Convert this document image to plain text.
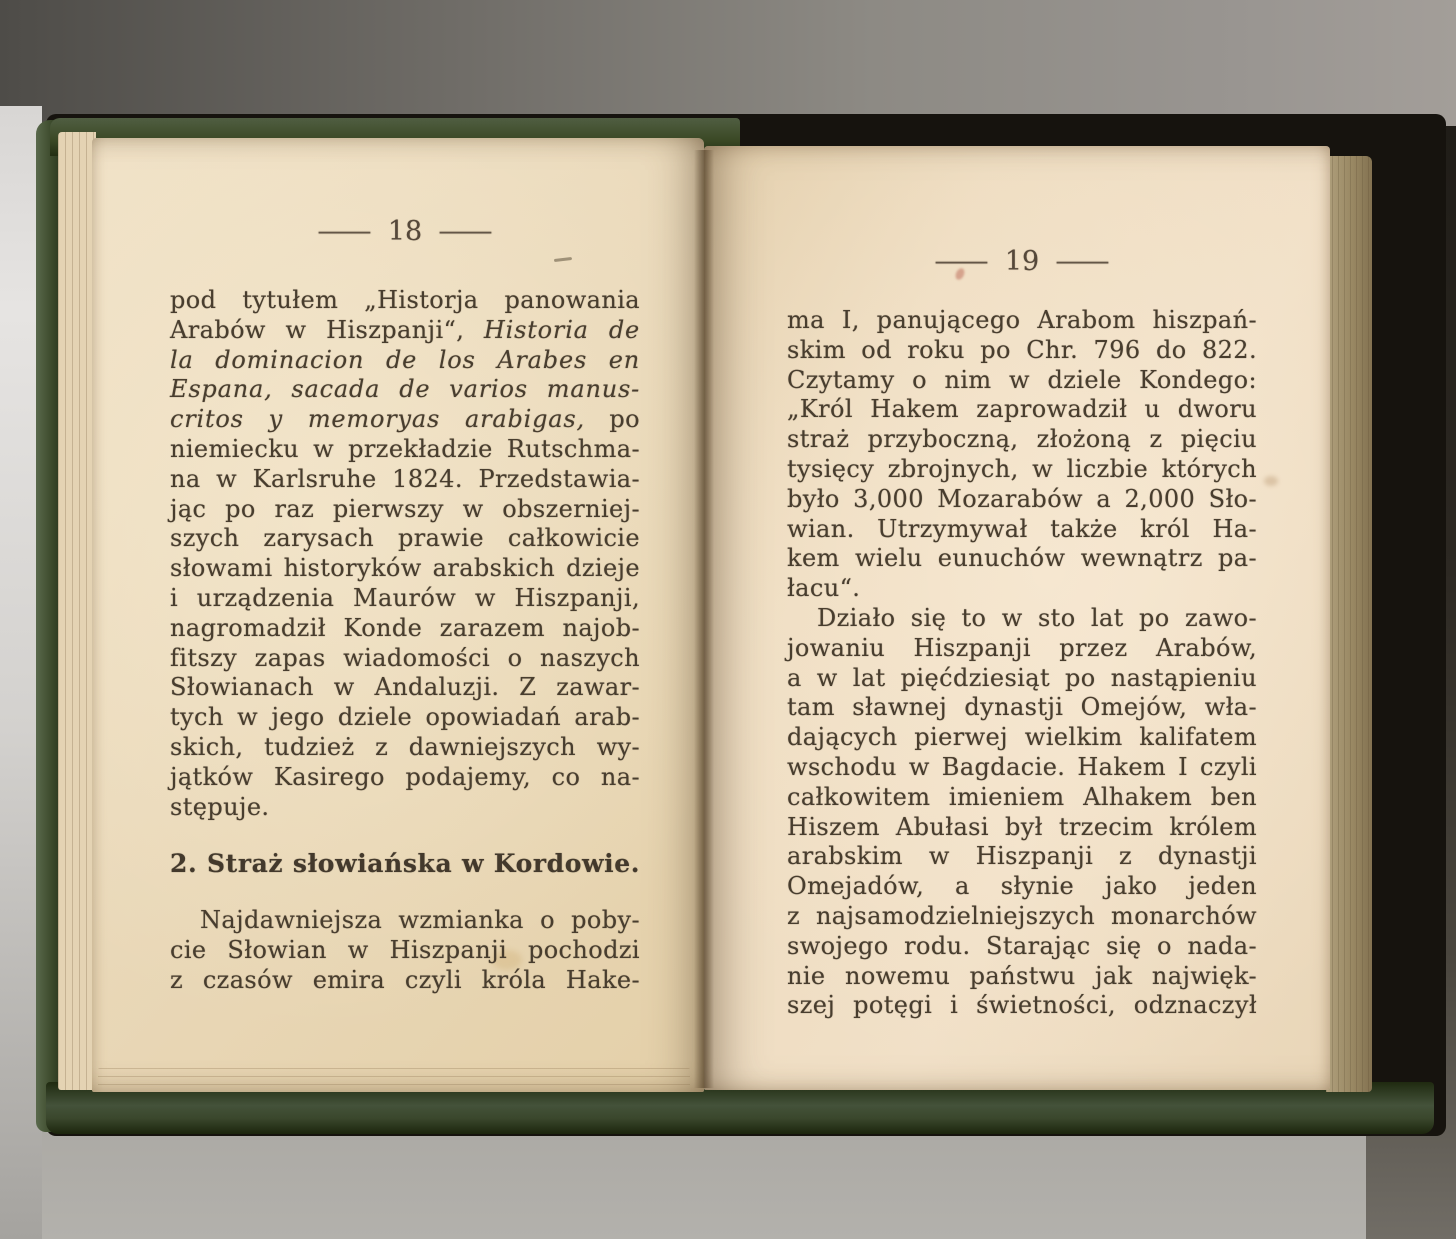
— 18 —
pod tytułem „Historja panowania
Arabów w Hiszpanji“, Historia de
la dominacion de los Arabes en
Espana, sacada de varios manus-
critos y memoryas arabigas, po
niemiecku w przekładzie Rutschma-
na w Karlsruhe 1824. Przedstawia-
jąc po raz pierwszy w obszerniej-
szych zarysach prawie całkowicie
słowami historyków arabskich dzieje
i urządzenia Maurów w Hiszpanji,
nagromadził Konde zarazem najob-
fitszy zapas wiadomości o naszych
Słowianach w Andaluzji. Z zawar-
tych w jego dziele opowiadań arab-
skich, tudzież z dawniejszych wy-
jątków Kasirego podajemy, co na-
stępuje.
2. Straż słowiańska w Kordowie.
Najdawniejsza wzmianka o poby-
cie Słowian w Hiszpanji pochodzi
z czasów emira czyli króla Hake-
— 19 —
ma I, panującego Arabom hiszpań-
skim od roku po Chr. 796 do 822.
Czytamy o nim w dziele Kondego:
„Król Hakem zaprowadził u dworu
straż przyboczną, złożoną z pięciu
tysięcy zbrojnych, w liczbie których
było 3,000 Mozarabów a 2,000 Sło-
wian. Utrzymywał także król Ha-
kem wielu eunuchów wewnątrz pa-
łacu“.
Działo się to w sto lat po zawo-
jowaniu Hiszpanji przez Arabów,
a w lat pięćdziesiąt po nastąpieniu
tam sławnej dynastji Omejów, wła-
dających pierwej wielkim kalifatem
wschodu w Bagdacie. Hakem I czyli
całkowitem imieniem Alhakem ben
Hiszem Abułasi był trzecim królem
arabskim w Hiszpanji z dynastji
Omejadów, a słynie jako jeden
z najsamodzielniejszych monarchów
swojego rodu. Starając się o nada-
nie nowemu państwu jak najwięk-
szej potęgi i świetności, odznaczył
